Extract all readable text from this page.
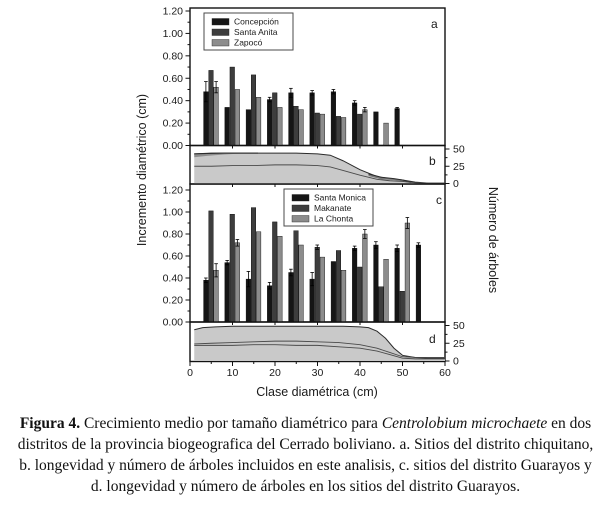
Incremento diamétrico (cm)	Número de árboles
Clase diamétrica (cm)
1.20
1.00
0.80
0.60
0.40
0.20
0.00
Concepción
Santa Anita
Zapocó
50
25
0
1.20
1.00
0.80
0.60
0.40
0.20
0.00
Santa Monica
Makanate
La Chonta
50
25
0
0	10	20	30	40	50	60
a
b
c
d
Figura 4. Crecimiento medio por tamaño diamétrico para Centrolobium microchaete en dos distritos de la provincia biogeografica del Cerrado boliviano. a. Sitios del distrito chiquitano, b. longevidad y número de árboles incluidos en este analisis, c. sitios del distrito Guarayos y d. longevidad y número de árboles en los sitios del distrito Guarayos.
